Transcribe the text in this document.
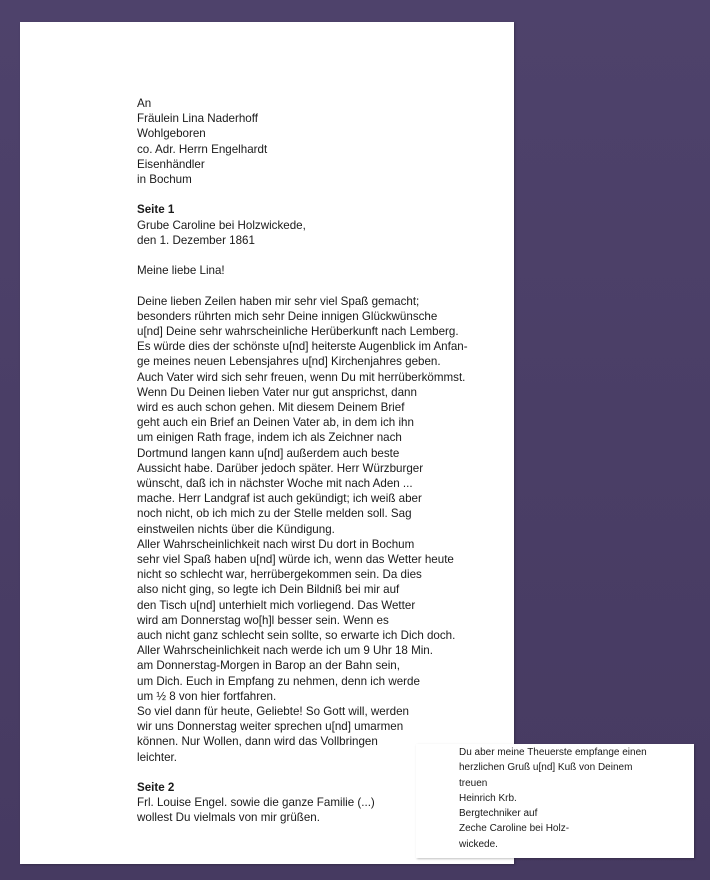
An
Fräulein Lina Naderhoff
Wohlgeboren
co. Adr. Herrn Engelhardt
Eisenhändler
in Bochum
Seite 1
Grube Caroline bei Holzwickede,
den 1. Dezember 1861
Meine liebe Lina!
Deine lieben Zeilen haben mir sehr viel Spaß gemacht;
besonders rührten mich sehr Deine innigen Glückwünsche
u[nd] Deine sehr wahrscheinliche Herüberkunft nach Lemberg.
Es würde dies der schönste u[nd] heiterste Augenblick im Anfan-
ge meines neuen Lebensjahres u[nd] Kirchenjahres geben.
Auch Vater wird sich sehr freuen, wenn Du mit herrüberkömmst.
Wenn Du Deinen lieben Vater nur gut ansprichst, dann
wird es auch schon gehen. Mit diesem Deinem Brief
geht auch ein Brief an Deinen Vater ab, in dem ich ihn
um einigen Rath frage, indem ich als Zeichner nach
Dortmund langen kann u[nd] außerdem auch beste
Aussicht habe. Darüber jedoch später. Herr Würzburger
wünscht, daß ich in nächster Woche mit nach Aden ...
mache. Herr Landgraf ist auch gekündigt; ich weiß aber
noch nicht, ob ich mich zu der Stelle melden soll. Sag
einstweilen nichts über die Kündigung.
Aller Wahrscheinlichkeit nach wirst Du dort in Bochum
sehr viel Spaß haben u[nd] würde ich, wenn das Wetter heute
nicht so schlecht war, herrübergekommen sein. Da dies
also nicht ging, so legte ich Dein Bildniß bei mir auf
den Tisch u[nd] unterhielt mich vorliegend. Das Wetter
wird am Donnerstag wo[h]l besser sein. Wenn es
auch nicht ganz schlecht sein sollte, so erwarte ich Dich doch.
Aller Wahrscheinlichkeit nach werde ich um 9 Uhr 18 Min.
am Donnerstag-Morgen in Barop an der Bahn sein,
um Dich. Euch in Empfang zu nehmen, denn ich werde
um ½ 8 von hier fortfahren.
So viel dann für heute, Geliebte! So Gott will, werden
wir uns Donnerstag weiter sprechen u[nd] umarmen
können. Nur Wollen, dann wird das Vollbringen
leichter.
Seite 2
Frl. Louise Engel. sowie die ganze Familie (...)
wollest Du vielmals von mir grüßen.
Du aber meine Theuerste empfange einen
herzlichen Gruß u[nd] Kuß von Deinem
treuen
Heinrich Krb.
Bergtechniker auf
Zeche Caroline bei Holz-
wickede.
